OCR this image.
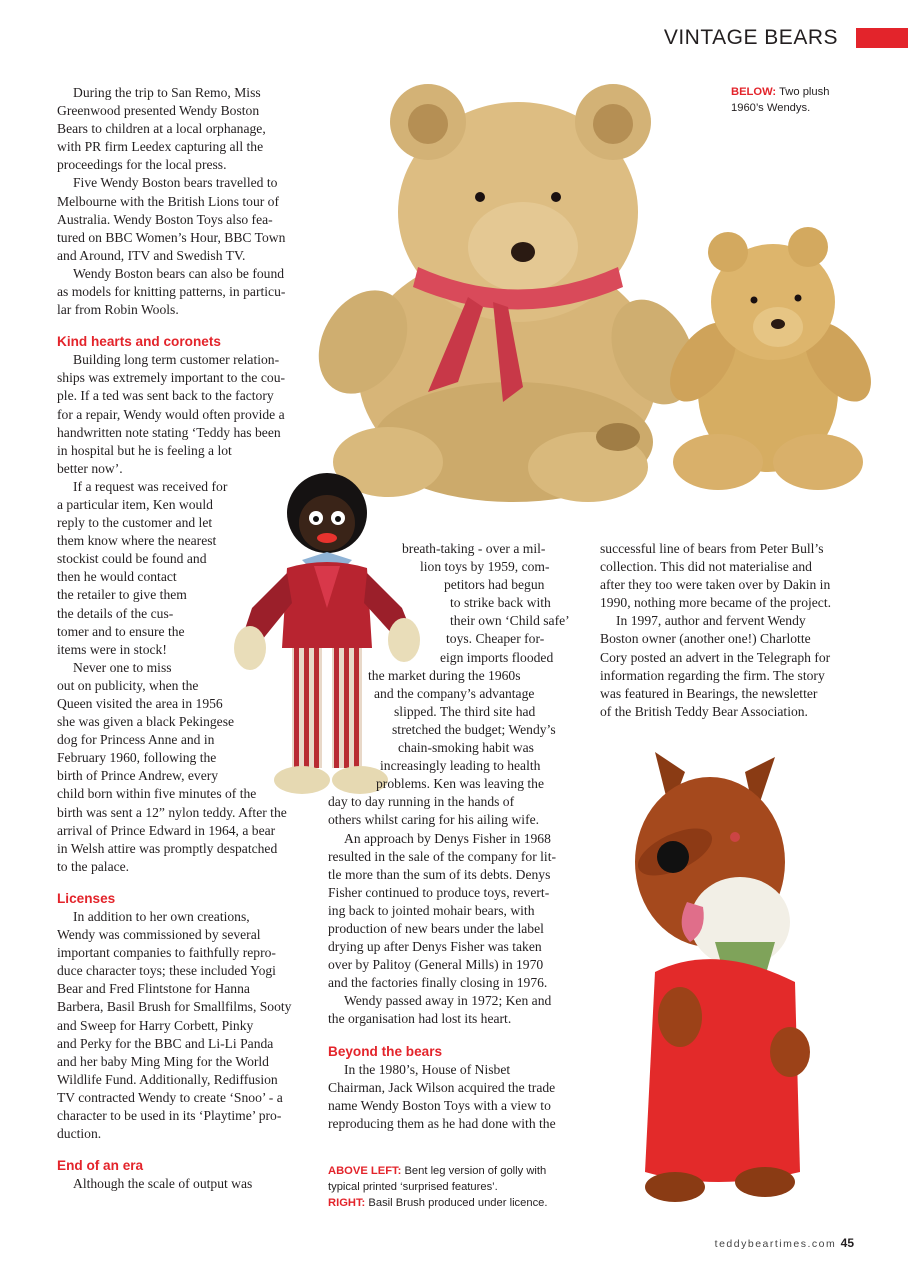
VINTAGE BEARS
BELOW: Two plush
1960’s Wendys.
ABOVE LEFT: Bent leg version of golly with
typical printed ‘surprised features’.
RIGHT: Basil Brush produced under licence.

During the trip to San Remo, Miss
Greenwood presented Wendy Boston
Bears to children at a local orphanage,
with PR firm Leedex capturing all the
proceedings for the local press.

Five Wendy Boston bears travelled to
Melbourne with the British Lions tour of
Australia. Wendy Boston Toys also fea-
tured on BBC Women’s Hour, BBC Town
and Around, ITV and Swedish TV.

Wendy Boston bears can also be found
as models for knitting patterns, in particu-
lar from Robin Wools.

Kind hearts and coronets

Building long term customer relation-
ships was extremely important to the cou-
ple. If a ted was sent back to the factory
for a repair, Wendy would often provide a
handwritten note stating ‘Teddy has been
in hospital but he is feeling a lot
better now’.

If a request was received for
a particular item, Ken would
reply to the customer and let
them know where the nearest
stockist could be found and
then he would contact
the retailer to give them
the details of the cus-
tomer and to ensure the
items were in stock!

Never one to miss
out on publicity, when the
Queen visited the area in 1956
she was given a black Pekingese
dog for Princess Anne and in
February 1960, following the
birth of Prince Andrew, every
child born within five minutes of the
birth was sent a 12” nylon teddy. After the
arrival of Prince Edward in 1964, a bear
in Welsh attire was promptly despatched
to the palace.

Licenses

In addition to her own creations,
Wendy was commissioned by several
important companies to faithfully repro-
duce character toys; these included Yogi
Bear and Fred Flintstone for Hanna
Barbera, Basil Brush for Smallfilms, Sooty
and Sweep for Harry Corbett, Pinky
and Perky for the BBC and Li-Li Panda
and her baby Ming Ming for the World
Wildlife Fund. Additionally, Rediffusion
TV contracted Wendy to create ‘Snoo’ - a
character to be used in its ‘Playtime’ pro-
duction.

End of an era

Although the scale of output was

breath-taking - over a mil-
lion toys by 1959, com-
petitors had begun
to strike back with
their own ‘Child safe’
toys. Cheaper for-
eign imports flooded
the market during the 1960s
and the company’s advantage
slipped. The third site had
stretched the budget; Wendy’s
chain-smoking habit was
increasingly leading to health
problems. Ken was leaving the
day to day running in the hands of
others whilst caring for his ailing wife.

An approach by Denys Fisher in 1968
resulted in the sale of the company for lit-
tle more than the sum of its debts. Denys
Fisher continued to produce toys, revert-
ing back to jointed mohair bears, with
production of new bears under the label
drying up after Denys Fisher was taken
over by Palitoy (General Mills) in 1970
and the factories finally closing in 1976.

Wendy passed away in 1972; Ken and
the organisation had lost its heart.

Beyond the bears

In the 1980’s, House of Nisbet
Chairman, Jack Wilson acquired the trade
name Wendy Boston Toys with a view to
reproducing them as he had done with the

successful line of bears from Peter Bull’s
collection. This did not materialise and
after they too were taken over by Dakin in
1990, nothing more became of the project.

In 1997, author and fervent Wendy
Boston owner (another one!) Charlotte
Cory posted an advert in the Telegraph for
information regarding the firm. The story
was featured in Bearings, the newsletter
of the British Teddy Bear Association.

teddybeartimes.com 45
